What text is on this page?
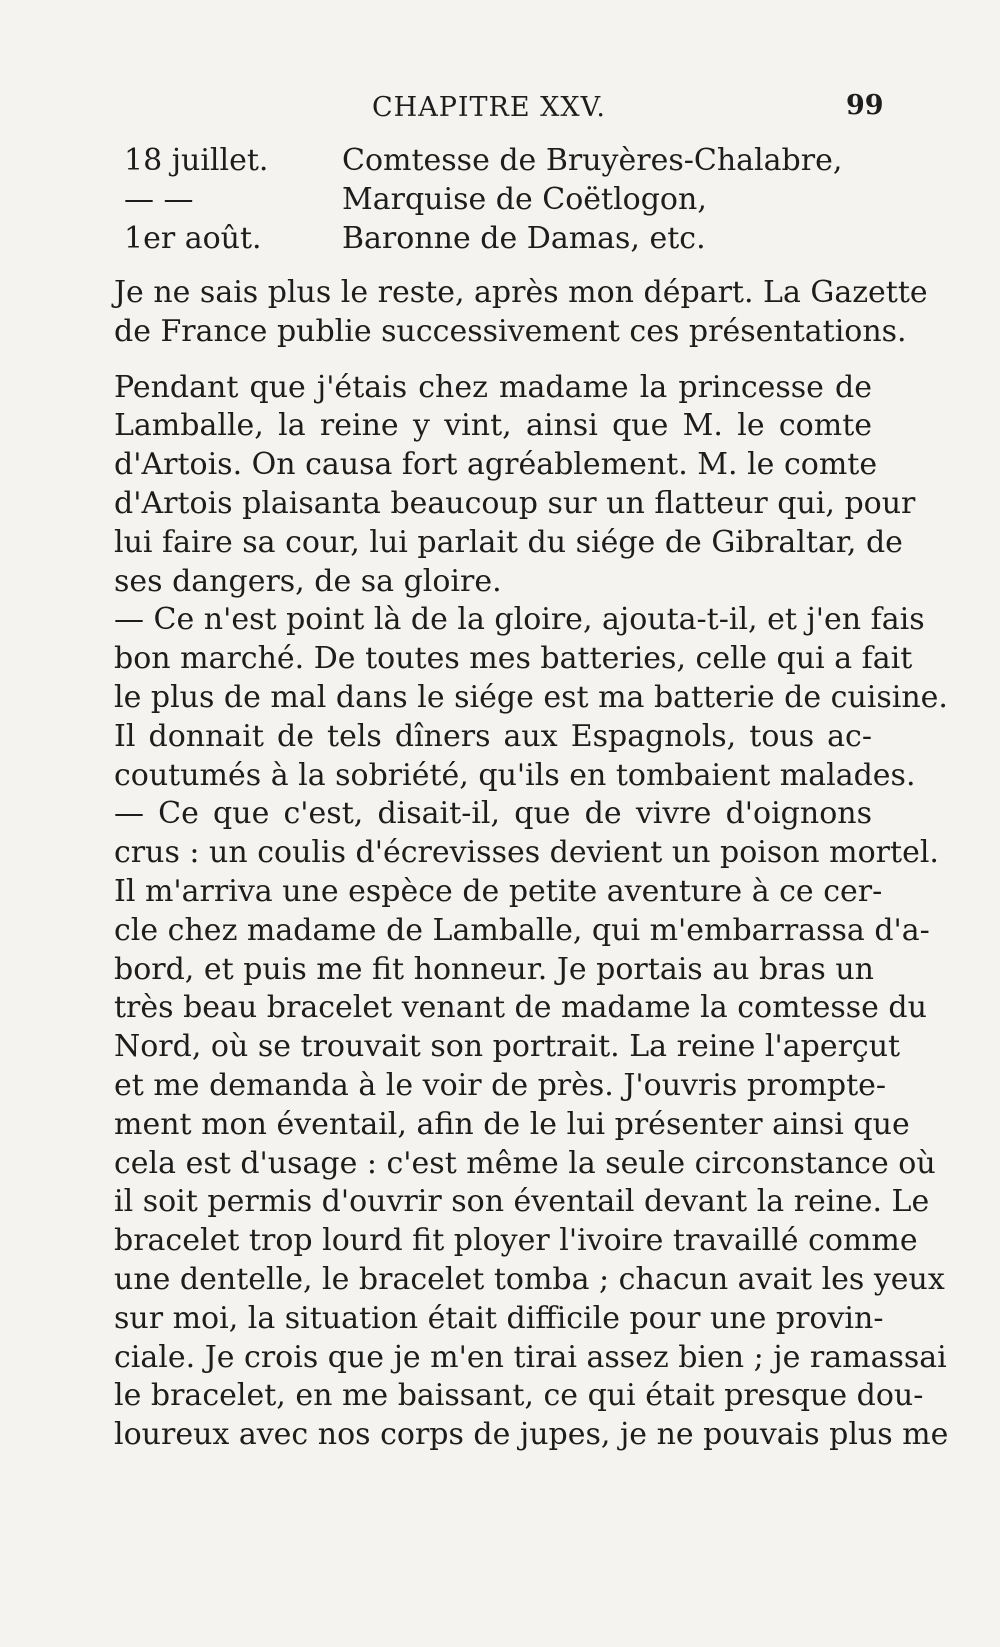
CHAPITRE XXV.	99
18 juillet. Comtesse de Bruyères-Chalabre,
— —	Marquise de Coëtlogon,
1er août.	Baronne de Damas, etc.
Je ne sais plus le reste, après mon départ. La Gazette
de France publie successivement ces présentations.
Pendant que j'étais chez madame la princesse de
Lamballe, la reine y vint, ainsi que M. le comte
d'Artois. On causa fort agréablement. M. le comte
d'Artois plaisanta beaucoup sur un flatteur qui, pour
lui faire sa cour, lui parlait du siége de Gibraltar, de
ses dangers, de sa gloire.
— Ce n'est point là de la gloire, ajouta-t-il, et j'en fais
bon marché. De toutes mes batteries, celle qui a fait
le plus de mal dans le siége est ma batterie de cuisine.
Il donnait de tels dîners aux Espagnols, tous ac-
coutumés à la sobriété, qu'ils en tombaient malades.
— Ce que c'est, disait-il, que de vivre d'oignons
crus : un coulis d'écrevisses devient un poison mortel.
Il m'arriva une espèce de petite aventure à ce cer-
cle chez madame de Lamballe, qui m'embarrassa d'a-
bord, et puis me fit honneur. Je portais au bras un
très beau bracelet venant de madame la comtesse du
Nord, où se trouvait son portrait. La reine l'aperçut
et me demanda à le voir de près. J'ouvris prompte-
ment mon éventail, afin de le lui présenter ainsi que
cela est d'usage : c'est même la seule circonstance où
il soit permis d'ouvrir son éventail devant la reine. Le
bracelet trop lourd fit ployer l'ivoire travaillé comme
une dentelle, le bracelet tomba ; chacun avait les yeux
sur moi, la situation était difficile pour une provin-
ciale. Je crois que je m'en tirai assez bien ; je ramassai
le bracelet, en me baissant, ce qui était presque dou-
loureux avec nos corps de jupes, je ne pouvais plus me
